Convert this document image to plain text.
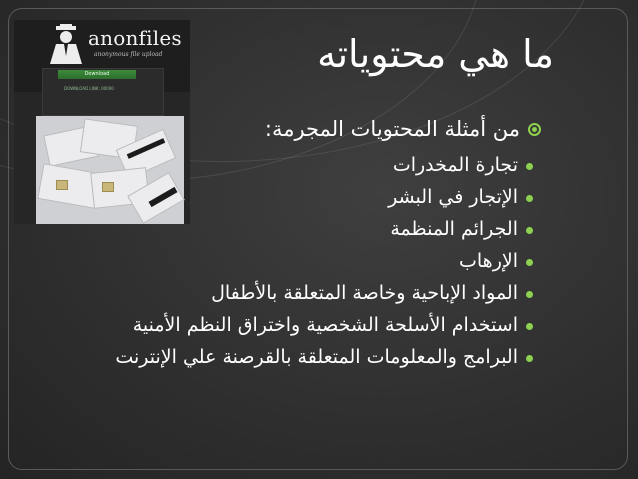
anonfiles
anonymous file upload
Download
DOWNLOAD LINK: 00000
ما هي محتوياته
من أمثلة المحتويات المجرمة:
تجارة المخدرات
الإتجار في البشر
الجرائم المنظمة
الإرهاب
المواد الإباحية وخاصة المتعلقة بالأطفال
استخدام الأسلحة الشخصية واختراق النظم الأمنية
البرامج والمعلومات المتعلقة بالقرصنة علي الإنترنت
